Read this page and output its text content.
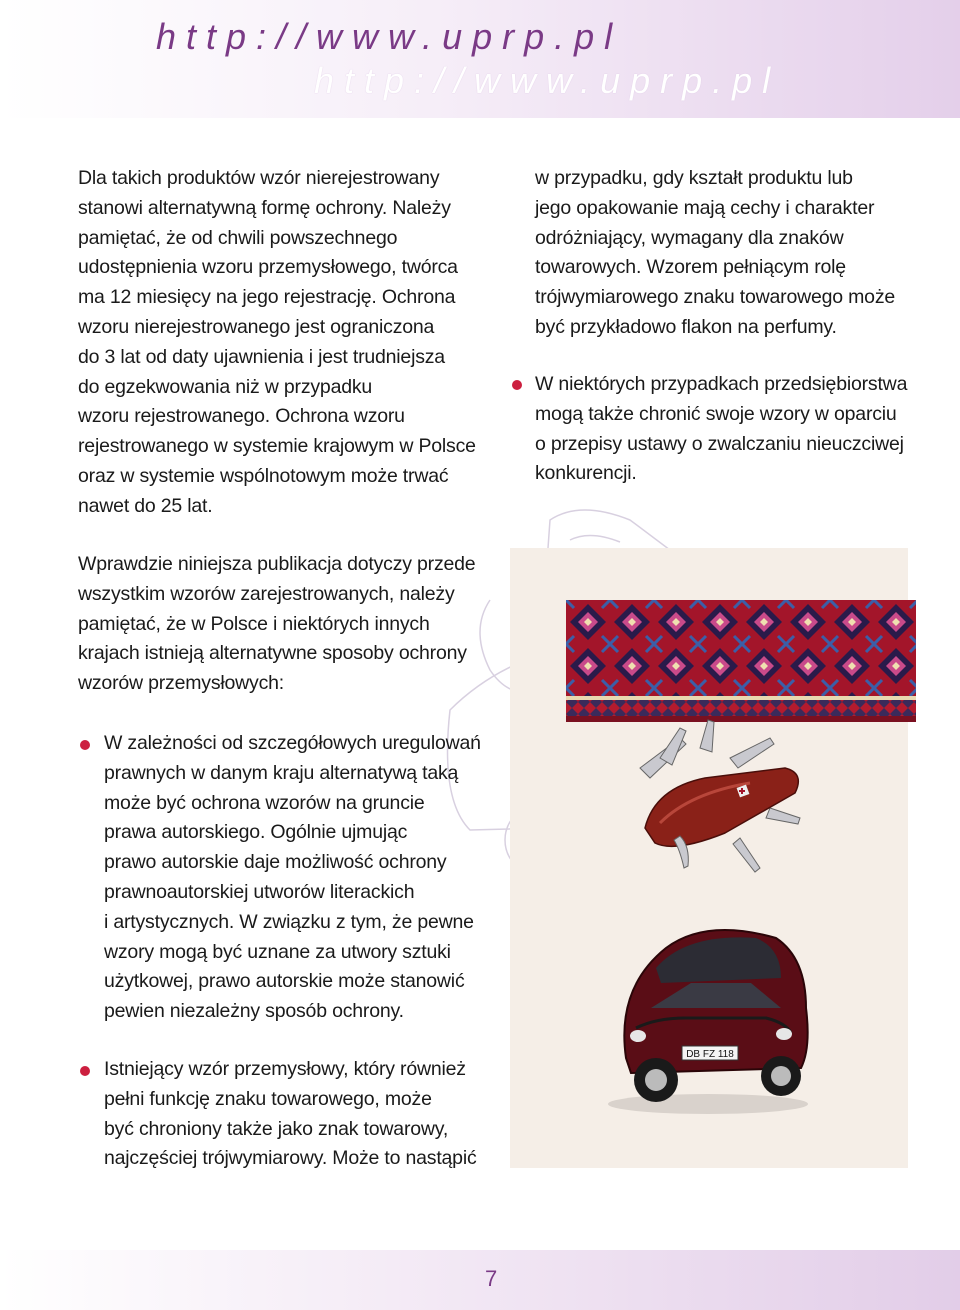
http://www.uprp.pl
http://www.uprp.pl

Dla takich produktów wzór nierejestrowany
stanowi alternatywną formę ochrony. Należy
pamiętać, że od chwili powszechnego
udostępnienia wzoru przemysłowego, twórca
ma 12 miesięcy na jego rejestrację. Ochrona
wzoru nierejestrowanego jest ograniczona
do 3 lat od daty ujawnienia i jest trudniejsza
do egzekwowania niż w przypadku
wzoru rejestrowanego. Ochrona wzoru
rejestrowanego w systemie krajowym w Polsce
oraz w systemie wspólnotowym może trwać
nawet do 25 lat.

Wprawdzie niniejsza publikacja dotyczy przede
wszystkim wzorów zarejestrowanych, należy
pamiętać, że w Polsce i niektórych innych
krajach istnieją alternatywne sposoby ochrony
wzorów przemysłowych:

W zależności od szczegółowych uregulowań
prawnych w danym kraju alternatywą taką
może być ochrona wzorów na gruncie
prawa autorskiego. Ogólnie ujmując
prawo autorskie daje możliwość ochrony
prawnoautorskiej utworów literackich
i artystycznych. W związku z tym, że pewne
wzory mogą być uznane za utwory sztuki
użytkowej, prawo autorskie może stanowić
pewien niezależny sposób ochrony.

Istniejący wzór przemysłowy, który również
pełni funkcję znaku towarowego, może
być chroniony także jako znak towarowy,
najczęściej trójwymiarowy. Może to nastąpić

w przypadku, gdy kształt produktu lub
jego opakowanie mają cechy i charakter
odróżniający, wymagany dla znaków
towarowych. Wzorem pełniącym rolę
trójwymiarowego znaku towarowego może
być przykładowo flakon na perfumy.

W niektórych przypadkach przedsiębiorstwa
mogą także chronić swoje wzory w oparciu
o przepisy ustawy o zwalczaniu nieuczciwej
konkurencji.

DB FZ 118
7
